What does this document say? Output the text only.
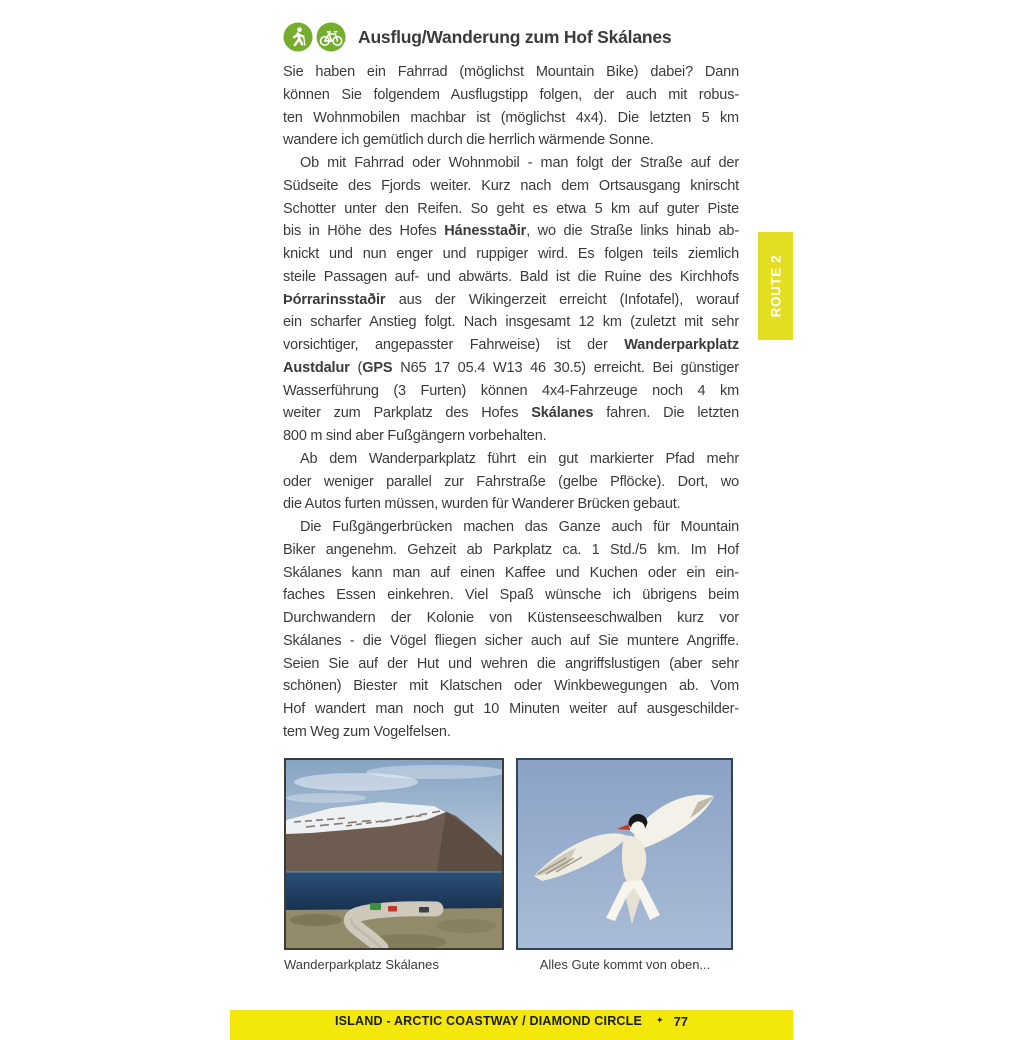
Ausflug/Wanderung zum Hof Skálanes
Sie haben ein Fahrrad (möglichst Mountain Bike) dabei? Dann
können Sie folgendem Ausflugstipp folgen, der auch mit robus-
ten Wohnmobilen machbar ist (möglichst 4x4). Die letzten 5 km
wandere ich gemütlich durch die herrlich wärmende Sonne.
Ob mit Fahrrad oder Wohnmobil - man folgt der Straße auf der
Südseite des Fjords weiter. Kurz nach dem Ortsausgang knirscht
Schotter unter den Reifen. So geht es etwa 5 km auf guter Piste
bis in Höhe des Hofes Hánesstaðir, wo die Straße links hinab ab-
knickt und nun enger und ruppiger wird. Es folgen teils ziemlich
steile Passagen auf- und abwärts. Bald ist die Ruine des Kirchhofs
Þórrarinsstaðir aus der Wikingerzeit erreicht (Infotafel), worauf
ein scharfer Anstieg folgt. Nach insgesamt 12 km (zuletzt mit sehr
vorsichtiger, angepasster Fahrweise) ist der Wanderparkplatz
Austdalur (GPS N65 17 05.4 W13 46 30.5) erreicht. Bei günstiger
Wasserführung (3 Furten) können 4x4-Fahrzeuge noch 4 km
weiter zum Parkplatz des Hofes Skálanes fahren. Die letzten
800 m sind aber Fußgängern vorbehalten.
Ab dem Wanderparkplatz führt ein gut markierter Pfad mehr
oder weniger parallel zur Fahrstraße (gelbe Pflöcke). Dort, wo
die Autos furten müssen, wurden für Wanderer Brücken gebaut.
Die Fußgängerbrücken machen das Ganze auch für Mountain
Biker angenehm. Gehzeit ab Parkplatz ca. 1 Std./5 km. Im Hof
Skálanes kann man auf einen Kaffee und Kuchen oder ein ein-
faches Essen einkehren. Viel Spaß wünsche ich übrigens beim
Durchwandern der Kolonie von Küstenseeschwalben kurz vor
Skálanes - die Vögel fliegen sicher auch auf Sie muntere Angriffe.
Seien Sie auf der Hut und wehren die angriffslustigen (aber sehr
schönen) Biester mit Klatschen oder Winkbewegungen ab. Vom
Hof wandert man noch gut 10 Minuten weiter auf ausgeschilder-
tem Weg zum Vogelfelsen.
ROUTE 2
Wanderparkplatz Skálanes	Alles Gute kommt von oben...
ISLAND - ARCTIC COASTWAY / DIAMOND CIRCLE ✦ 77
